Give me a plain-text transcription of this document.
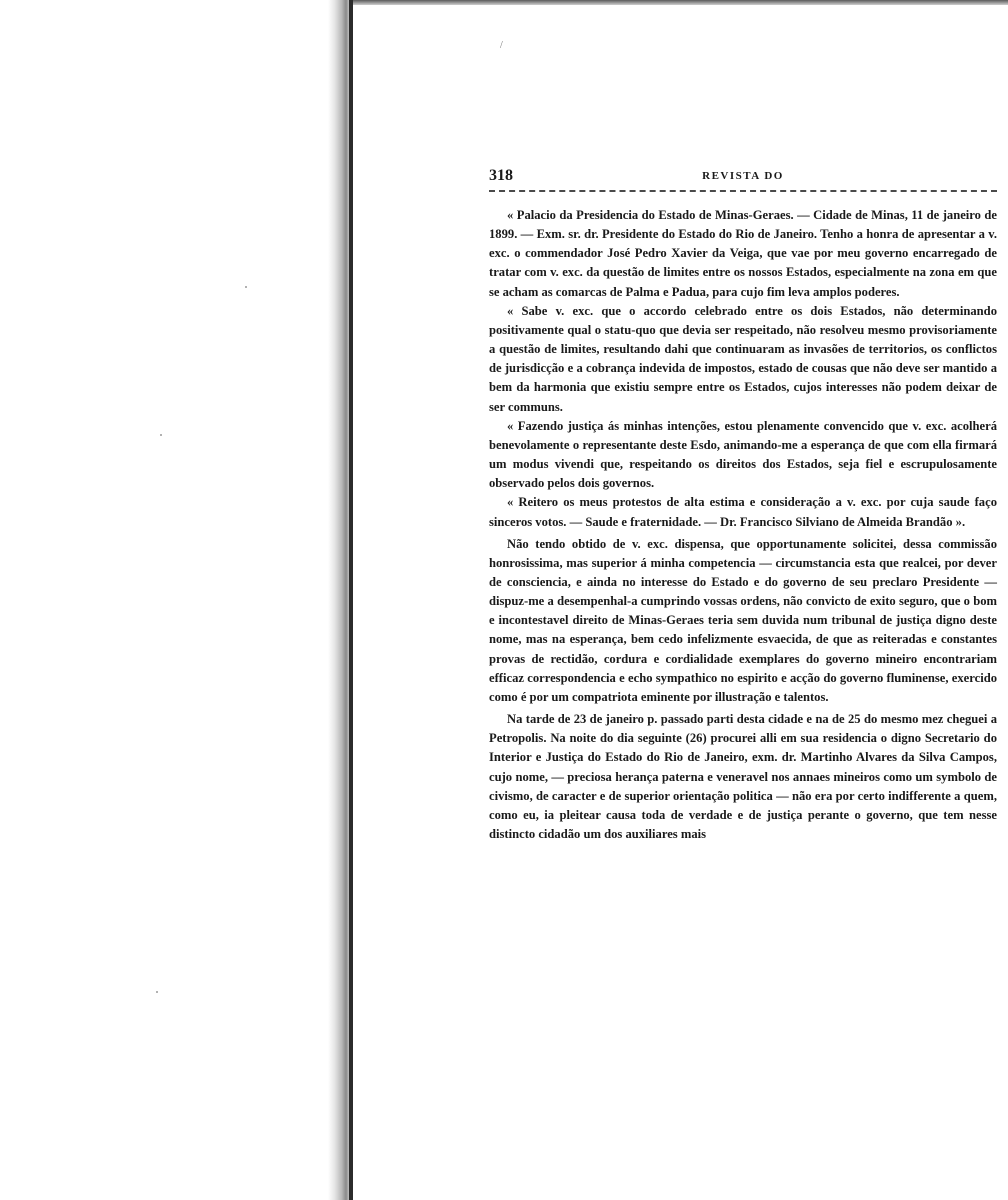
/
318	REVISTA DO

« Palacio da Presidencia do Estado de Minas-Geraes. — Cidade de Minas, 11 de janeiro de 1899. — Exm. sr. dr. Presidente do Estado do Rio de Janeiro. Tenho a honra de apresentar a v. exc. o commendador José Pedro Xavier da Veiga, que vae por meu governo encarregado de tratar com v. exc. da questão de limites entre os nossos Estados, especialmente na zona em que se acham as comarcas de Palma e Padua, para cujo fim leva amplos poderes.

« Sabe v. exc. que o accordo celebrado entre os dois Estados, não determinando positivamente qual o statu-quo que devia ser respeitado, não resolveu mesmo provisoriamente a questão de limites, resultando dahi que continuaram as invasões de territorios, os conflictos de jurisdicção e a cobrança indevida de impostos, estado de cousas que não deve ser mantido a bem da harmonia que existiu sempre entre os Estados, cujos interesses não podem deixar de ser communs.

« Fazendo justiça ás minhas intenções, estou plenamente convencido que v. exc. acolherá benevolamente o representante deste Esdo, animando-me a esperança de que com ella firmará um modus vivendi que, respeitando os direitos dos Estados, seja fiel e escrupulosamente observado pelos dois governos.

« Reitero os meus protestos de alta estima e consideração a v. exc. por cuja saude faço sinceros votos. — Saude e fraternidade. — Dr. Francisco Silviano de Almeida Brandão ».

Não tendo obtido de v. exc. dispensa, que opportunamente solicitei, dessa commissão honrosissima, mas superior á minha competencia — circumstancia esta que realcei, por dever de consciencia, e ainda no interesse do Estado e do governo de seu preclaro Presidente — dispuz-me a desempenhal-a cumprindo vossas ordens, não convicto de exito seguro, que o bom e incontestavel direito de Minas-Geraes teria sem duvida num tribunal de justiça digno deste nome, mas na esperança, bem cedo infelizmente esvaecida, de que as reiteradas e constantes provas de rectidão, cordura e cordialidade exemplares do governo mineiro encontrariam efficaz correspondencia e echo sympathico no espirito e acção do governo fluminense, exercido como é por um compatriota eminente por illustração e talentos.

Na tarde de 23 de janeiro p. passado parti desta cidade e na de 25 do mesmo mez cheguei a Petropolis. Na noite do dia seguinte (26) procurei alli em sua residencia o digno Secretario do Interior e Justiça do Estado do Rio de Janeiro, exm. dr. Martinho Alvares da Silva Campos, cujo nome, — preciosa herança paterna e veneravel nos annaes mineiros como um symbolo de civismo, de caracter e de superior orientação politica — não era por certo indifferente a quem, como eu, ia pleitear causa toda de verdade e de justiça perante o governo, que tem nesse distincto cidadão um dos auxiliares mais
